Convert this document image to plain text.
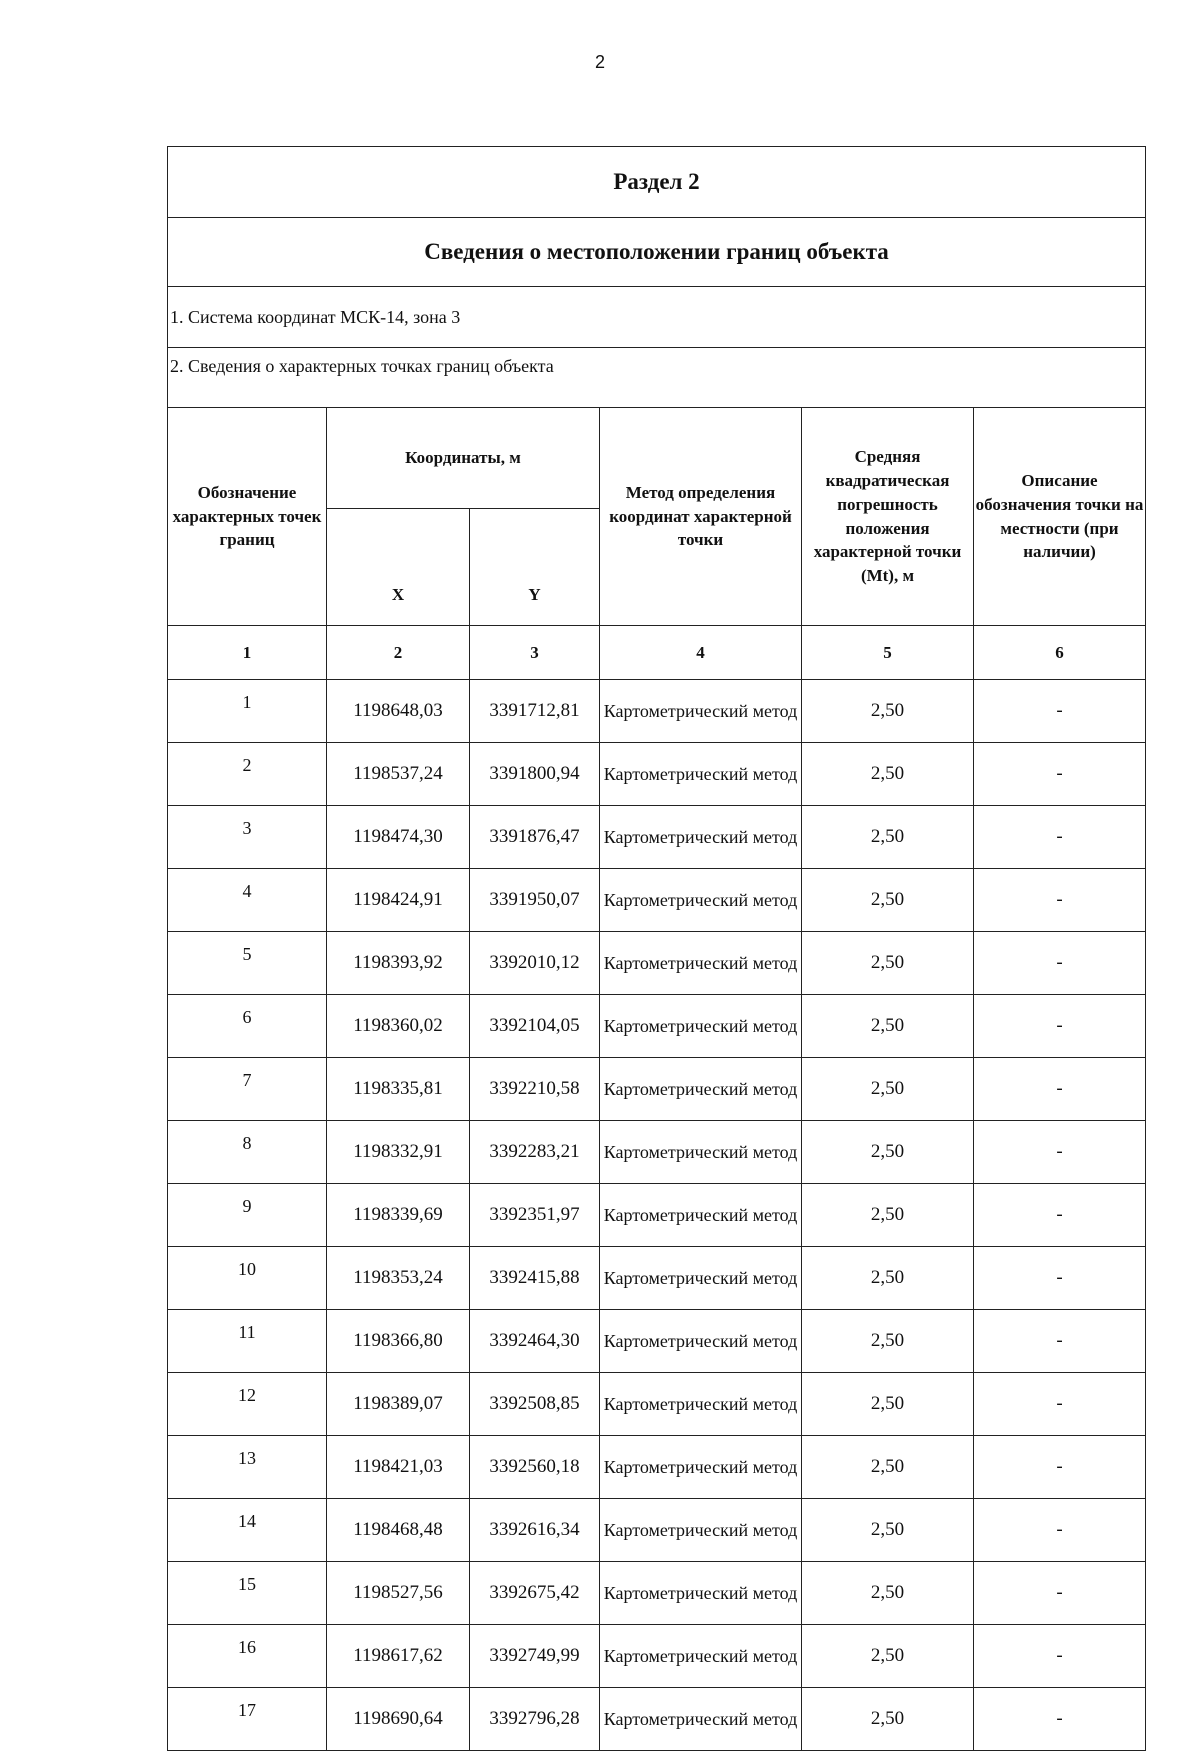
2
Раздел 2					
Сведения о местоположении границ объекта					
1. Система координат МСК-14, зона 3					
2. Сведения о характерных точках границ объекта					
Обозначение характерных точек границ	Координаты, м		Метод определения координат характерной точки	Средняя квадратическая погрешность положения характерной точки (Mt), м	Описание обозначения точки на местности (при наличии)
	X	Y			
1	2	3	4	5	6
1	1198648,03	3391712,81	Картометрический метод	2,50	-
2	1198537,24	3391800,94	Картометрический метод	2,50	-
3	1198474,30	3391876,47	Картометрический метод	2,50	-
4	1198424,91	3391950,07	Картометрический метод	2,50	-
5	1198393,92	3392010,12	Картометрический метод	2,50	-
6	1198360,02	3392104,05	Картометрический метод	2,50	-
7	1198335,81	3392210,58	Картометрический метод	2,50	-
8	1198332,91	3392283,21	Картометрический метод	2,50	-
9	1198339,69	3392351,97	Картометрический метод	2,50	-
10	1198353,24	3392415,88	Картометрический метод	2,50	-
11	1198366,80	3392464,30	Картометрический метод	2,50	-
12	1198389,07	3392508,85	Картометрический метод	2,50	-
13	1198421,03	3392560,18	Картометрический метод	2,50	-
14	1198468,48	3392616,34	Картометрический метод	2,50	-
15	1198527,56	3392675,42	Картометрический метод	2,50	-
16	1198617,62	3392749,99	Картометрический метод	2,50	-
17	1198690,64	3392796,28	Картометрический метод	2,50	-
